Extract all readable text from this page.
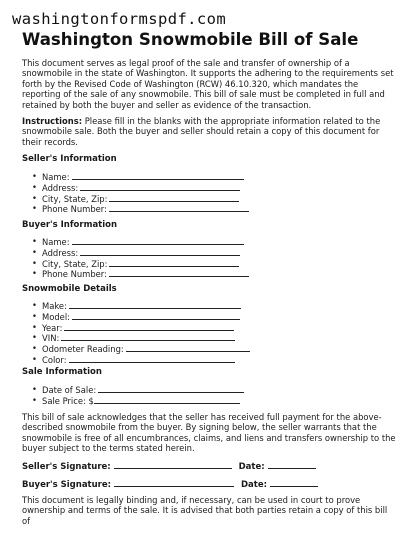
washingtonformspdf.com
Washington Snowmobile Bill of Sale

This document serves as legal proof of the sale and transfer of ownership of a snowmobile in the state of Washington. It supports the adhering to the requirements set forth by the Revised Code of Washington (RCW) 46.10.320, which mandates the reporting of the sale of any snowmobile. This bill of sale must be completed in full and retained by both the buyer and seller as evidence of the transaction.

Instructions: Please fill in the blanks with the appropriate information related to the snowmobile sale. Both the buyer and seller should retain a copy of this document for their records.

Seller's Information
• Name:
• Address:
• City, State, Zip:
• Phone Number:
Buyer's Information
• Name:
• Address:
• City, State, Zip:
• Phone Number:
Snowmobile Details
• Make:
• Model:
• Year:
• VIN:
• Odometer Reading:
• Color:
Sale Information
• Date of Sale:
• Sale Price: $

This bill of sale acknowledges that the seller has received full payment for the above-described snowmobile from the buyer. By signing below, the seller warrants that the snowmobile is free of all encumbrances, claims, and liens and transfers ownership to the buyer subject to the terms stated herein.

Seller's Signature:	Date:
Buyer's Signature:	Date:

This document is legally binding and, if necessary, can be used in court to prove ownership and terms of the sale. It is advised that both parties retain a copy of this bill of
